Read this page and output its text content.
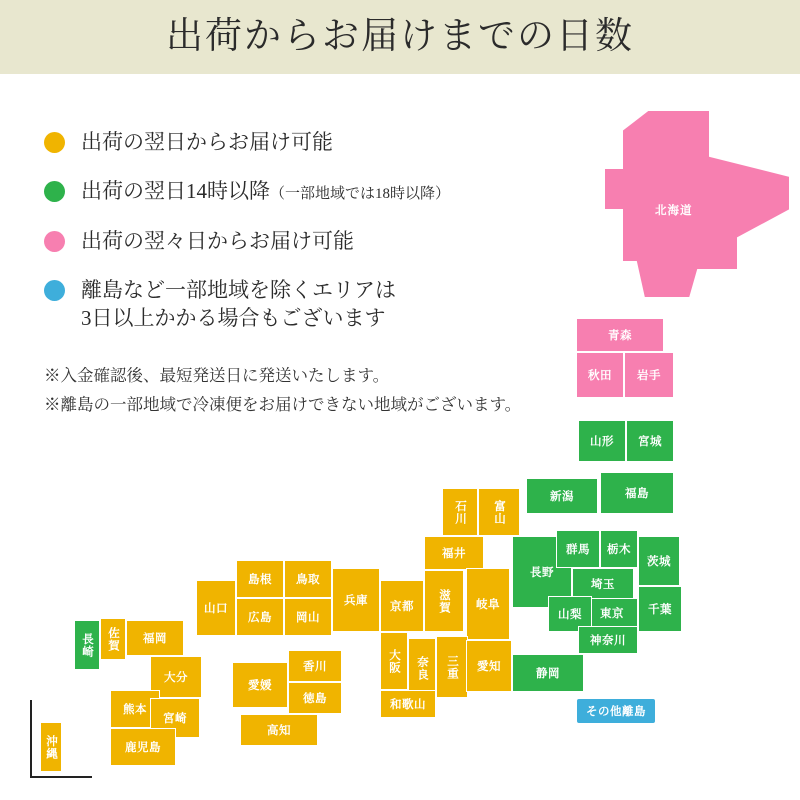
出荷からお届けまでの日数
出荷の翌日からお届け可能
出荷の翌日14時以降（一部地域では18時以降）
出荷の翌々日からお届け可能
離島など一部地域を除くエリアは
3日以上かかる場合もございます
※入金確認後、最短発送日に発送いたします。
※離島の一部地域で冷凍便をお届けできない地域がございます。
北海道
その他離島
沖縄
青森
秋田	岩手
山形	宮城
福島
新潟
長野
群馬	栃木
茨城
埼玉
東京	千葉
山梨
神奈川
静岡
石川	富山
福井
岐阜
滋賀
京都
兵庫
鳥取
島根
岡山
広島
山口
大阪	奈良	三重	愛知
和歌山
香川
徳島
愛媛
高知
福岡
佐賀
長崎
大分
熊本
宮崎
鹿児島
